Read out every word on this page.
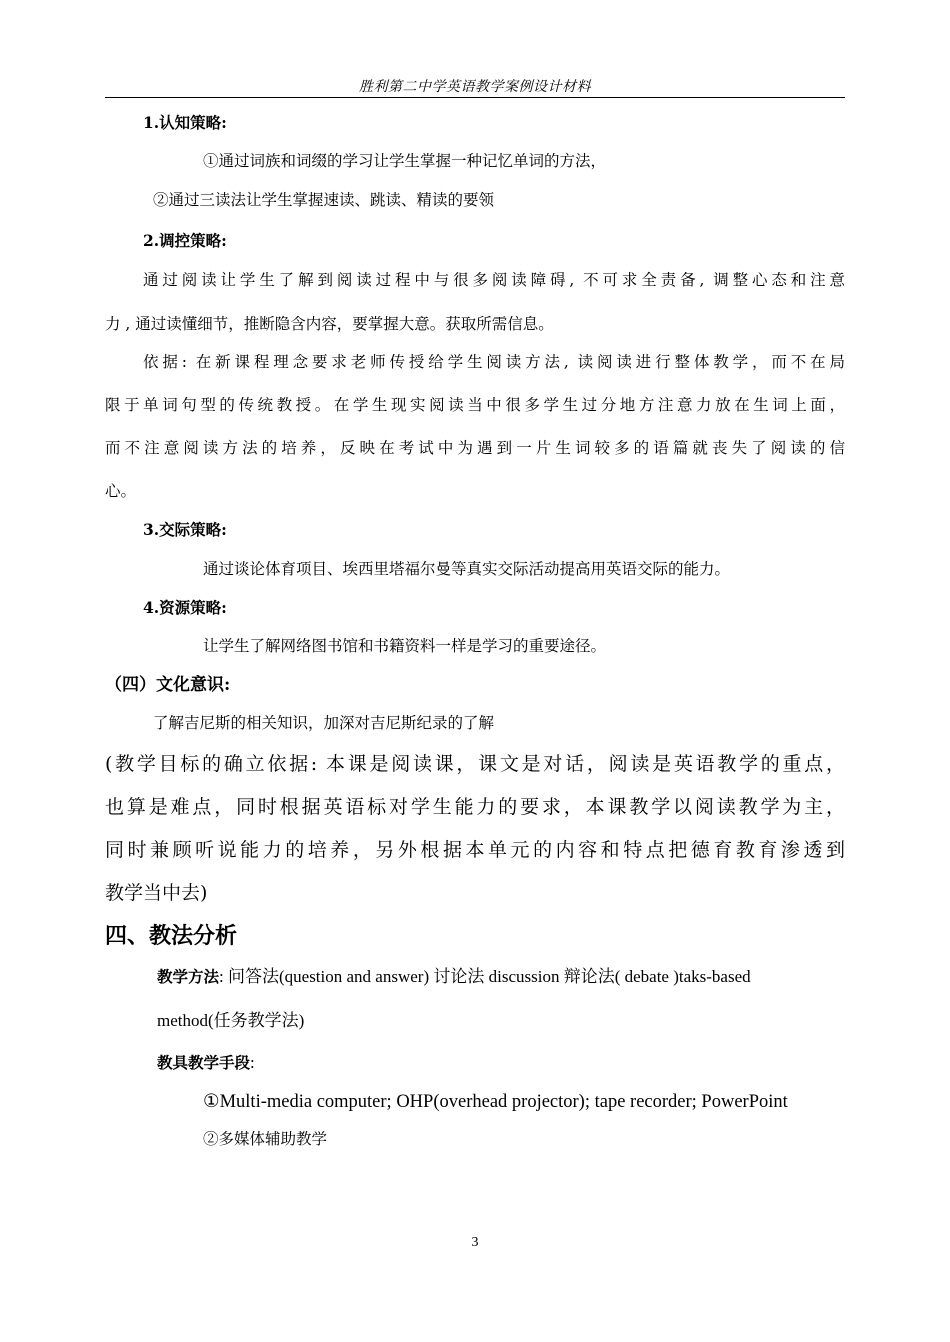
胜利第二中学英语教学案例设计材料
1.认知策略:
①通过词族和词缀的学习让学生掌握一种记忆单词的方法，
②通过三读法让学生掌握速读、跳读、精读的要领
2.调控策略:
通过阅读让学生了解到阅读过程中与很多阅读障碍, 不可求全责备, 调整心态和注意
力 , 通过读懂细节，推断隐含内容，要掌握大意。获取所需信息。
依据: 在新课程理念要求老师传授给学生阅读方法, 读阅读进行整体教学，而不在局
限于单词句型的传统教授。在学生现实阅读当中很多学生过分地方注意力放在生词上面，
而不注意阅读方法的培养，反映在考试中为遇到一片生词较多的语篇就丧失了阅读的信
心。
3.交际策略:
通过谈论体育项目、埃西里塔福尔曼等真实交际活动提高用英语交际的能力。
4.资源策略:
让学生了解网络图书馆和书籍资料一样是学习的重要途径。
（四）文化意识:
了解吉尼斯的相关知识，加深对吉尼斯纪录的了解
(教学目标的确立依据: 本课是阅读课，课文是对话，阅读是英语教学的重点，
也算是难点，同时根据英语标对学生能力的要求，本课教学以阅读教学为主，
同时兼顾听说能力的培养，另外根据本单元的内容和特点把德育教育渗透到
教学当中去)
四、教法分析
教学方法: 问答法(question and answer) 讨论法 discussion 辩论法( debate )taks-based
method(任务教学法)
教具教学手段:
①Multi-media computer; OHP(overhead projector); tape recorder; PowerPoint
②多媒体辅助教学
3
